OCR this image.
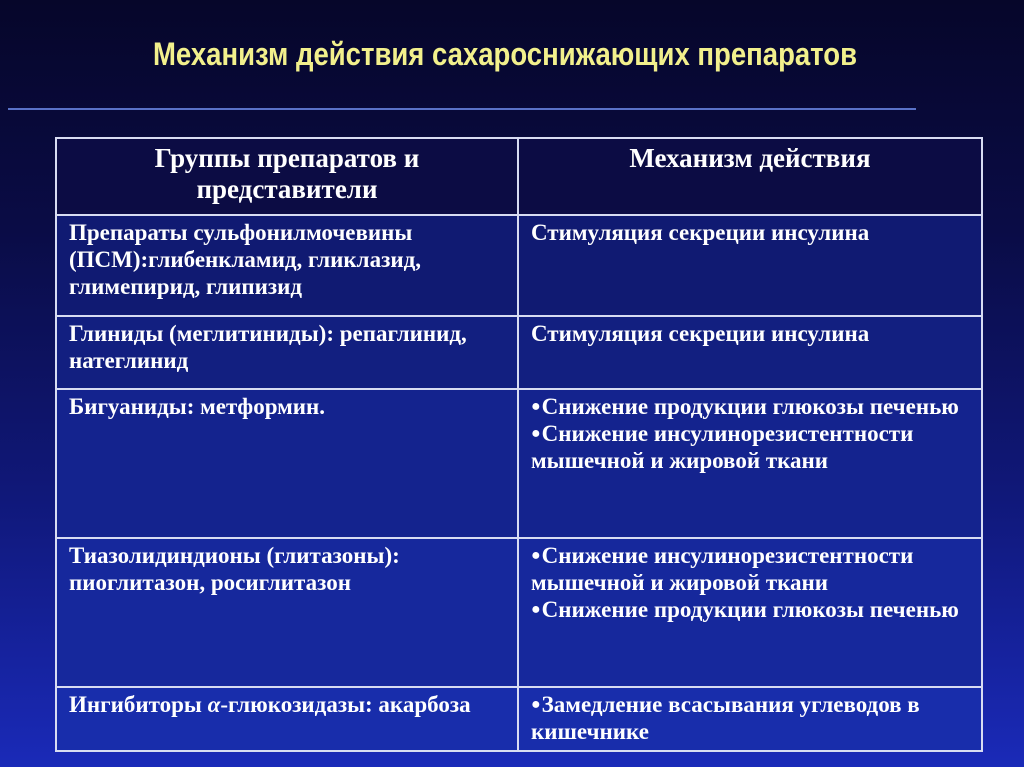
Механизм действия сахароснижающих препаратов
Группы препаратов и представители	Механизм действия

Препараты сульфонилмочевины (ПСМ):глибенкламид, гликлазид, глимепирид, глипизид	Стимуляция секреции инсулина

Глиниды (меглитиниды): репаглинид, натеглинид	Стимуляция секреции инсулина

Бигуаниды: метформин.	●Снижение продукции глюкозы печенью
●Снижение инсулинорезистентности мышечной и жировой ткани

Тиазолидиндионы (глитазоны): пиоглитазон, росиглитазон	●Снижение инсулинорезистентности мышечной и жировой ткани
●Снижение продукции глюкозы печенью

Ингибиторы α-глюкозидазы: акарбоза	●Замедление всасывания углеводов в кишечнике
